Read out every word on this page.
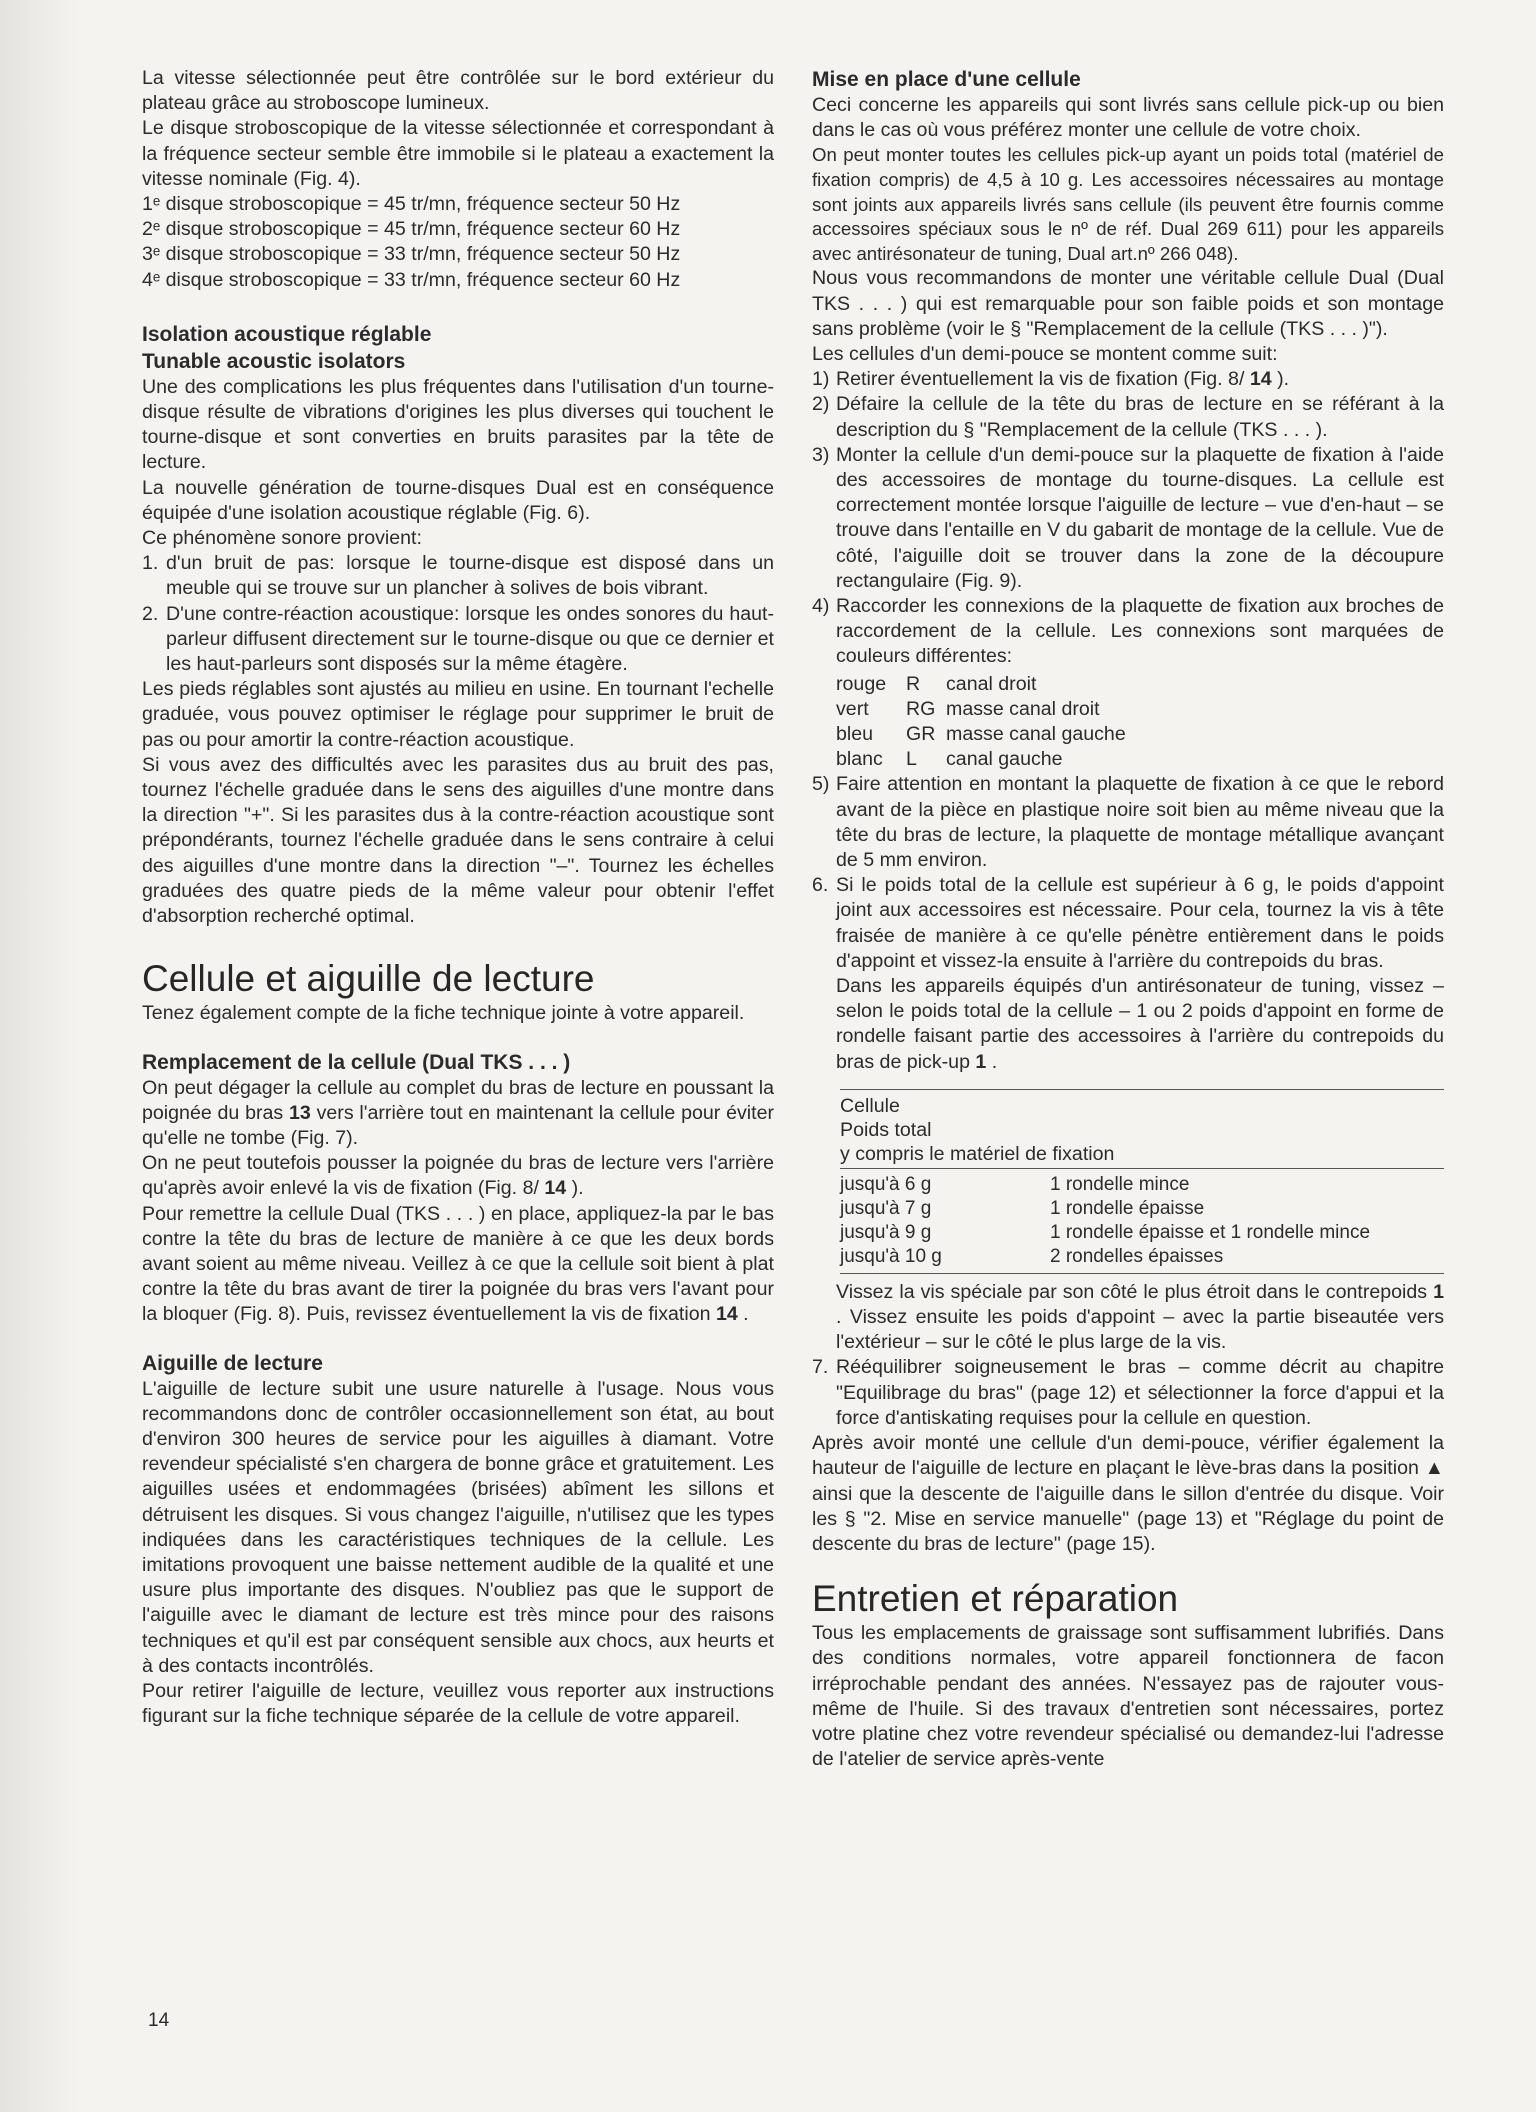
La vitesse sélectionnée peut être contrôlée sur le bord extérieur du plateau grâce au stroboscope lumineux.

Le disque stroboscopique de la vitesse sélectionnée et correspondant à la fréquence secteur semble être immobile si le plateau a exactement la vitesse nominale (Fig. 4).

1ᵉ disque stroboscopique = 45 tr/mn, fréquence secteur 50 Hz
2ᵉ disque stroboscopique = 45 tr/mn, fréquence secteur 60 Hz
3ᵉ disque stroboscopique = 33 tr/mn, fréquence secteur 50 Hz
4ᵉ disque stroboscopique = 33 tr/mn, fréquence secteur 60 Hz
Isolation acoustique réglable
Tunable acoustic isolators

Une des complications les plus fréquentes dans l'utilisation d'un tourne-disque résulte de vibrations d'origines les plus diverses qui touchent le tourne-disque et sont converties en bruits parasites par la tête de lecture.

La nouvelle génération de tourne-disques Dual est en conséquence équipée d'une isolation acoustique réglable (Fig. 6).

Ce phénomène sonore provient:

1. d'un bruit de pas: lorsque le tourne-disque est disposé dans un meuble qui se trouve sur un plancher à solives de bois vibrant.
2. D'une contre-réaction acoustique: lorsque les ondes sonores du haut-parleur diffusent directement sur le tourne-disque ou que ce dernier et les haut-parleurs sont disposés sur la même étagère.

Les pieds réglables sont ajustés au milieu en usine. En tournant l'echelle graduée, vous pouvez optimiser le réglage pour supprimer le bruit de pas ou pour amortir la contre-réaction acoustique.

Si vous avez des difficultés avec les parasites dus au bruit des pas, tournez l'échelle graduée dans le sens des aiguilles d'une montre dans la direction "+". Si les parasites dus à la contre-réaction acoustique sont prépondérants, tournez l'échelle graduée dans le sens contraire à celui des aiguilles d'une montre dans la direction "–". Tournez les échelles graduées des quatre pieds de la même valeur pour obtenir l'effet d'absorption recherché optimal.

Cellule et aiguille de lecture

Tenez également compte de la fiche technique jointe à votre appareil.

Remplacement de la cellule (Dual TKS . . . )

On peut dégager la cellule au complet du bras de lecture en poussant la poignée du bras 13 vers l'arrière tout en maintenant la cellule pour éviter qu'elle ne tombe (Fig. 7).

On ne peut toutefois pousser la poignée du bras de lecture vers l'arrière qu'après avoir enlevé la vis de fixation (Fig. 8/ 14 ).

Pour remettre la cellule Dual (TKS . . . ) en place, appliquez-la par le bas contre la tête du bras de lecture de manière à ce que les deux bords avant soient au même niveau. Veillez à ce que la cellule soit bient à plat contre la tête du bras avant de tirer la poignée du bras vers l'avant pour la bloquer (Fig. 8). Puis, revissez éventuellement la vis de fixation 14 .

Aiguille de lecture

L'aiguille de lecture subit une usure naturelle à l'usage. Nous vous recommandons donc de contrôler occasionnellement son état, au bout d'environ 300 heures de service pour les aiguilles à diamant. Votre revendeur spécialisté s'en chargera de bonne grâce et gratuitement. Les aiguilles usées et endommagées (brisées) abîment les sillons et détruisent les disques. Si vous changez l'aiguille, n'utilisez que les types indiquées dans les caractéristiques techniques de la cellule. Les imitations provoquent une baisse nettement audible de la qualité et une usure plus importante des disques. N'oubliez pas que le support de l'aiguille avec le diamant de lecture est très mince pour des raisons techniques et qu'il est par conséquent sensible aux chocs, aux heurts et à des contacts incontrôlés.

Pour retirer l'aiguille de lecture, veuillez vous reporter aux instructions figurant sur la fiche technique séparée de la cellule de votre appareil.

Mise en place d'une cellule

Ceci concerne les appareils qui sont livrés sans cellule pick-up ou bien dans le cas où vous préférez monter une cellule de votre choix.

On peut monter toutes les cellules pick-up ayant un poids total (matériel de fixation compris) de 4,5 à 10 g. Les accessoires nécessaires au montage sont joints aux appareils livrés sans cellule (ils peuvent être fournis comme accessoires spéciaux sous le nº de réf. Dual 269 611) pour les appareils avec antirésonateur de tuning, Dual art.nº 266 048).

Nous vous recommandons de monter une véritable cellule Dual (Dual TKS . . . ) qui est remarquable pour son faible poids et son montage sans problème (voir le § "Remplacement de la cellule (TKS . . . )").

Les cellules d'un demi-pouce se montent comme suit:

1) Retirer éventuellement la vis de fixation (Fig. 8/ 14 ).
2) Défaire la cellule de la tête du bras de lecture en se référant à la description du § "Remplacement de la cellule (TKS . . . ).
3) Monter la cellule d'un demi-pouce sur la plaquette de fixation à l'aide des accessoires de montage du tourne-disques. La cellule est correctement montée lorsque l'aiguille de lecture – vue d'en-haut – se trouve dans l'entaille en V du gabarit de montage de la cellule. Vue de côté, l'aiguille doit se trouver dans la zone de la découpure rectangulaire (Fig. 9).
4) Raccorder les connexions de la plaquette de fixation aux broches de raccordement de la cellule. Les connexions sont marquées de couleurs différentes:
rouge	R	canal droit
vert	RG masse canal droit
bleu	GR masse canal gauche
blanc	L	canal gauche
5) Faire attention en montant la plaquette de fixation à ce que le rebord avant de la pièce en plastique noire soit bien au même niveau que la tête du bras de lecture, la plaquette de montage métallique avançant de 5 mm environ.
6. Si le poids total de la cellule est supérieur à 6 g, le poids d'appoint joint aux accessoires est nécessaire. Pour cela, tournez la vis à tête fraisée de manière à ce qu'elle pénètre entièrement dans le poids d'appoint et vissez-la ensuite à l'arrière du contrepoids du bras.

Dans les appareils équipés d'un antirésonateur de tuning, vissez – selon le poids total de la cellule – 1 ou 2 poids d'appoint en forme de rondelle faisant partie des accessoires à l'arrière du contrepoids du bras de pick-up 1 .

Cellule
Poids total
y compris le matériel de fixation
jusqu'à 6 g	1 rondelle mince
jusqu'à 7 g	1 rondelle épaisse
jusqu'à 9 g	1 rondelle épaisse et 1 rondelle mince
jusqu'à 10 g	2 rondelles épaisses
Vissez la vis spéciale par son côté le plus étroit dans le contrepoids 1 . Vissez ensuite les poids d'appoint – avec la partie biseautée vers l'extérieur – sur le côté le plus large de la vis.
7. Rééquilibrer soigneusement le bras – comme décrit au chapitre "Equilibrage du bras" (page 12) et sélectionner la force d'appui et la force d'antiskating requises pour la cellule en question.

Après avoir monté une cellule d'un demi-pouce, vérifier également la hauteur de l'aiguille de lecture en plaçant le lève-bras dans la position ▲ ainsi que la descente de l'aiguille dans le sillon d'entrée du disque. Voir les § "2. Mise en service manuelle" (page 13) et "Réglage du point de descente du bras de lecture" (page 15).

Entretien et réparation

Tous les emplacements de graissage sont suffisamment lubrifiés. Dans des conditions normales, votre appareil fonctionnera de facon irréprochable pendant des années. N'essayez pas de rajouter vous-même de l'huile. Si des travaux d'entretien sont nécessaires, portez votre platine chez votre revendeur spécialisé ou demandez-lui l'adresse de l'atelier de service après-vente

14
